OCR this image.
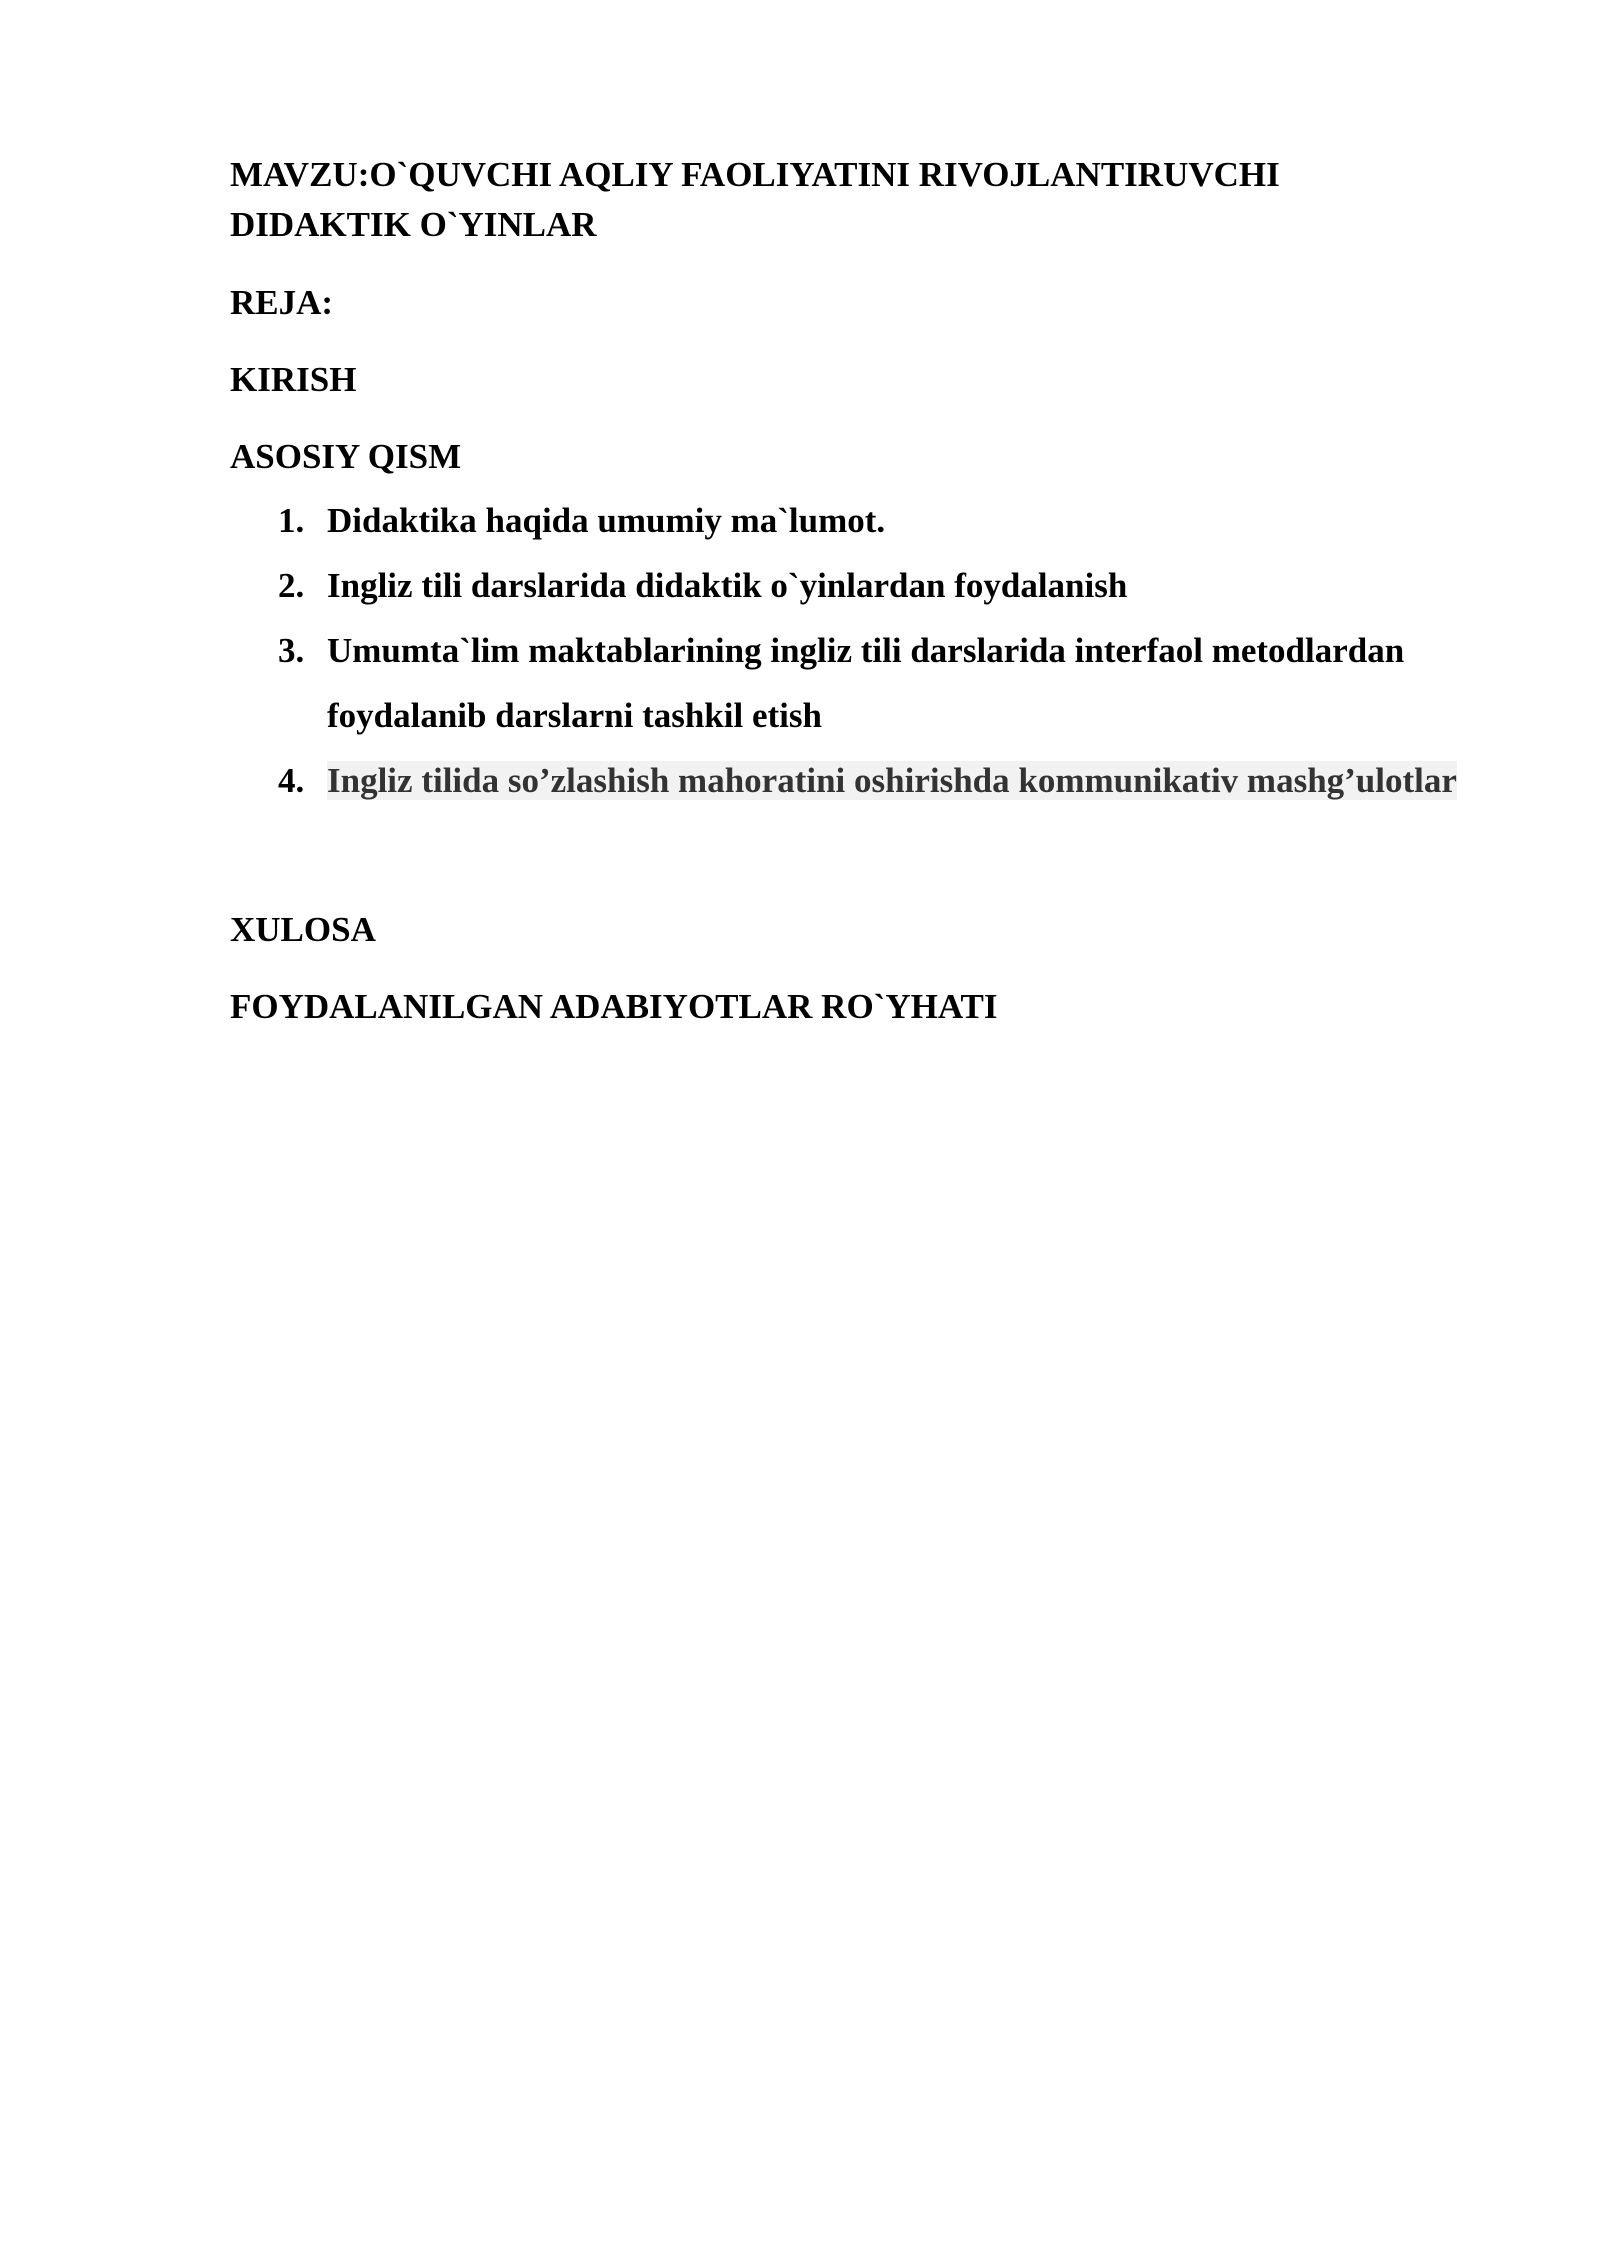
MAVZU:O`QUVCHI AQLIY FAOLIYATINI RIVOJLANTIRUVCHI DIDAKTIK O`YINLAR
REJA:
KIRISH
ASOSIY QISM
1. Didaktika haqida umumiy ma`lumot.
2. Ingliz tili darslarida didaktik o`yinlardan foydalanish
3. Umumta`lim maktablarining ingliz tili darslarida interfaol metodlardan foydalanib darslarni tashkil etish
4. Ingliz tilida so’zlashish mahoratini oshirishda kommunikativ mashg’ulotlar
XULOSA
FOYDALANILGAN ADABIYOTLAR RO`YHATI
